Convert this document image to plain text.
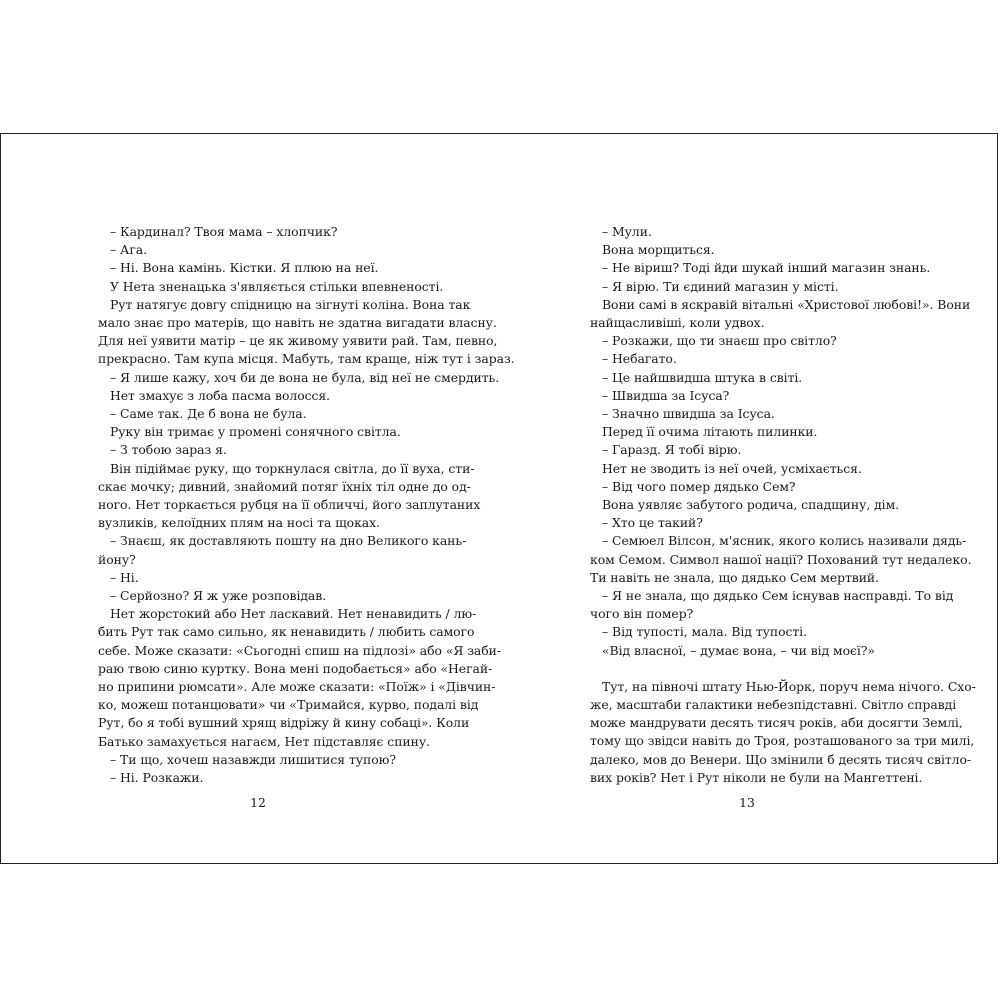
– Кардинал? Твоя мама – хлопчик?
– Ага.
– Ні. Вона камінь. Кістки. Я плюю на неї.
У Нета зненацька з'являється стільки впевненості.
Рут натягує довгу спідницю на зігнуті коліна. Вона так
мало знає про матерів, що навіть не здатна вигадати власну.
Для неї уявити матір – це як живому уявити рай. Там, певно,
прекрасно. Там купа місця. Мабуть, там краще, ніж тут і зараз.
– Я лише кажу, хоч би де вона не була, від неї не смердить.
Нет змахує з лоба пасма волосся.
– Саме так. Де б вона не була.
Руку він тримає у промені сонячного світла.
– З тобою зараз я.
Він підіймає руку, що торкнулася світла, до її вуха, сти-
скає мочку; дивний, знайомий потяг їхніх тіл одне до од-
ного. Нет торкається рубця на її обличчі, його заплутаних
вузликів, келоїдних плям на носі та щоках.
– Знаєш, як доставляють пошту на дно Великого кань-
йону?
– Ні.
– Серйозно? Я ж уже розповідав.
Нет жорстокий або Нет ласкавий. Нет ненавидить / лю-
бить Рут так само сильно, як ненавидить / любить самого
себе. Може сказати: «Сьогодні спиш на підлозі» або «Я заби-
раю твою синю куртку. Вона мені подобається» або «Негай-
но припини рюмсати». Але може сказати: «Поїж» і «Дівчин-
ко, можеш потанцювати» чи «Тримайся, курво, подалі від
Рут, бо я тобі вушний хрящ відріжу й кину собаці». Коли
Батько замахується нагаєм, Нет підставляє спину.
– Ти що, хочеш назавжди лишитися тупою?
– Ні. Розкажи.
– Мули.
Вона морщиться.
– Не віриш? Тоді йди шукай інший магазин знань.
– Я вірю. Ти єдиний магазин у місті.
Вони самі в яскравій вітальні «Христової любові!». Вони
найщасливіші, коли удвох.
– Розкажи, що ти знаєш про світло?
– Небагато.
– Це найшвидша штука в світі.
– Швидша за Ісуса?
– Значно швидша за Ісуса.
Перед її очима літають пилинки.
– Гаразд. Я тобі вірю.
Нет не зводить із неї очей, усміхається.
– Від чого помер дядько Сем?
Вона уявляє забутого родича, спадщину, дім.
– Хто це такий?
– Семюел Вілсон, м'ясник, якого колись називали дядь-
ком Семом. Символ нашої нації? Похований тут недалеко.
Ти навіть не знала, що дядько Сем мертвий.
– Я не знала, що дядько Сем існував насправді. То від
чого він помер?
– Від тупості, мала. Від тупості.
«Від власної, – думає вона, – чи від моєї?»
Тут, на півночі штату Нью-Йорк, поруч нема нічого. Схо-
же, масштаби галактики небезпідставні. Світло справді
може мандрувати десять тисяч років, аби досягти Землі,
тому що звідси навіть до Троя, розташованого за три милі,
далеко, мов до Венери. Що змінили б десять тисяч світло-
вих років? Нет і Рут ніколи не були на Мангеттені.
12	13
